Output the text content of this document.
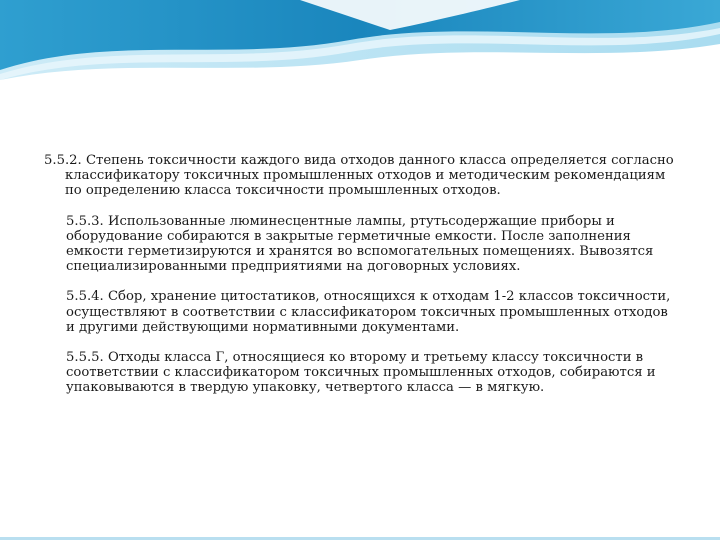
5.5.2. Степень токсичности каждого вида отходов данного класса определяется согласно классификатору токсичных промышленных отходов и методическим рекомендациям по определению класса токсичности промышленных отходов.

5.5.3. Использованные люминесцентные лампы, ртутьсодержащие приборы и оборудование собираются в закрытые герметичные емкости. После заполнения емкости герметизируются и хранятся во вспомогательных помещениях. Вывозятся специализированными предприятиями на договорных условиях.

5.5.4. Сбор, хранение цитостатиков, относящихся к отходам 1-2 классов токсичности, осуществляют в соответствии с классификатором токсичных промышленных отходов и другими действующими нормативными документами.

5.5.5. Отходы класса Г, относящиеся ко второму и третьему классу токсичности в соответствии с классификатором токсичных промышленных отходов, собираются и упаковываются в твердую упаковку, четвертого класса — в мягкую.
